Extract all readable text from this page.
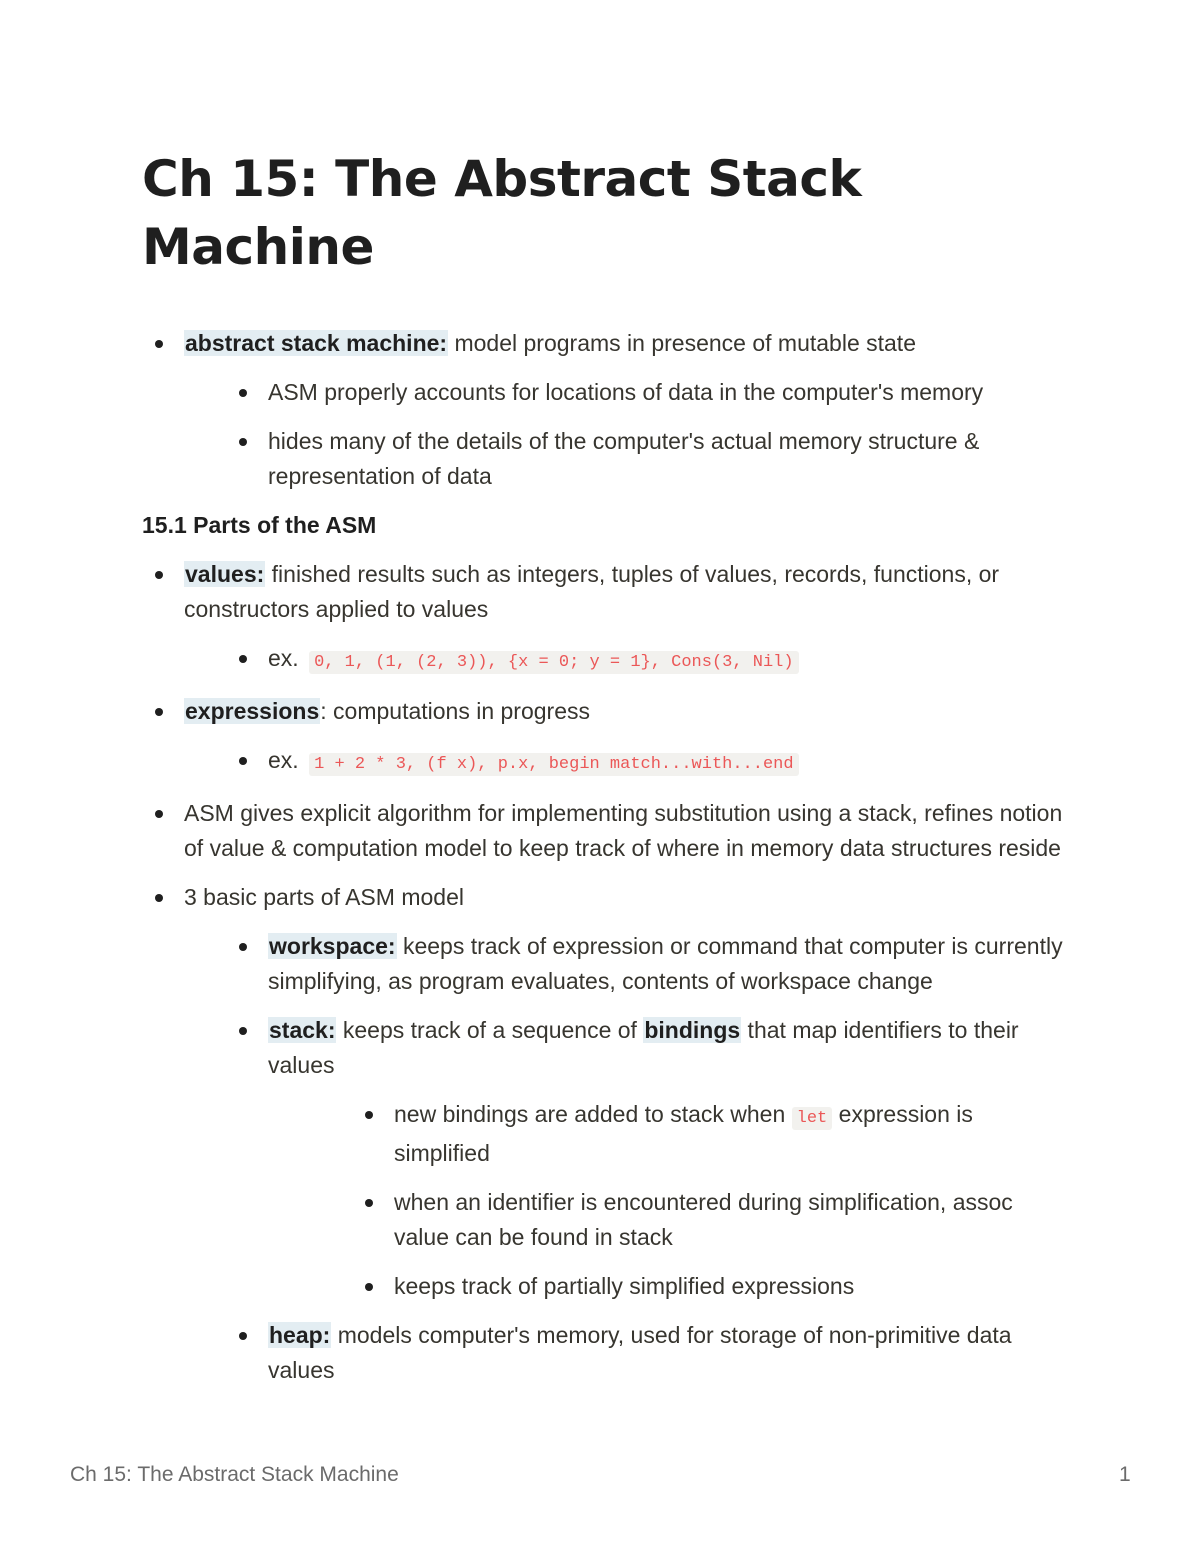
Ch 15: The Abstract Stack Machine
abstract stack machine: model programs in presence of mutable state
ASM properly accounts for locations of data in the computer's memory
hides many of the details of the computer's actual memory structure & representation of data
15.1 Parts of the ASM
values: finished results such as integers, tuples of values, records, functions, or constructors applied to values
ex. 0, 1, (1, (2, 3)), {x = 0; y = 1}, Cons(3, Nil)
expressions: computations in progress
ex. 1 + 2 * 3, (f x), p.x, begin match...with...end
ASM gives explicit algorithm for implementing substitution using a stack, refines notion of value & computation model to keep track of where in memory data structures reside
3 basic parts of ASM model
workspace: keeps track of expression or command that computer is currently simplifying, as program evaluates, contents of workspace change
stack: keeps track of a sequence of bindings that map identifiers to their values
new bindings are added to stack when let expression is simplified
when an identifier is encountered during simplification, assoc value can be found in stack
keeps track of partially simplified expressions
heap: models computer's memory, used for storage of non-primitive data values
Ch 15: The Abstract Stack Machine	1
